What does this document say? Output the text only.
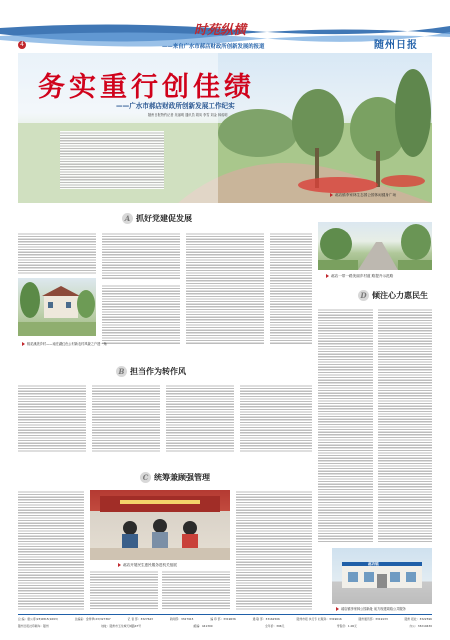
4
时苑纵横
——来自广水市郝店财政所创新发展的报道	随州日报
务实重行创佳绩
——广水市郝店财政所创新发展工作纪实
随州日报特约记者 吴丽明 通讯员 胡凤 李雪 刘金 林成明
郝店镇李家林生态园公园休闲健身广场
A 抓好党建促发展
桃花溪美乡村——南庄湖红色公村新农村风貌之户建一角
郝店一带一路美丽乡村道 路提升示范路
D 倾注心力惠民生
B 担当作为转作风
C 统筹兼顾强管理
郝店开展民生惠民服务进机关组展	郝店镇
郝店镇李家林公园新址 前方现建周临公共服务
总 编：唐公寿(23)6815(1693)	总编室：金秀翠(23)327367	记 者 部：3327643	新闻部：3327915	编 印 部：3319636	通 联 部：33162506	随州市报 执行专 栏服务：3319616	随州通讯部：3319133	随州 报社：3322596
随州日报社印刷车：随州	地址：随州市玉龙城天城路47号	邮编：441300	全年价：396元	零售价：1.00元	办公：33219430
